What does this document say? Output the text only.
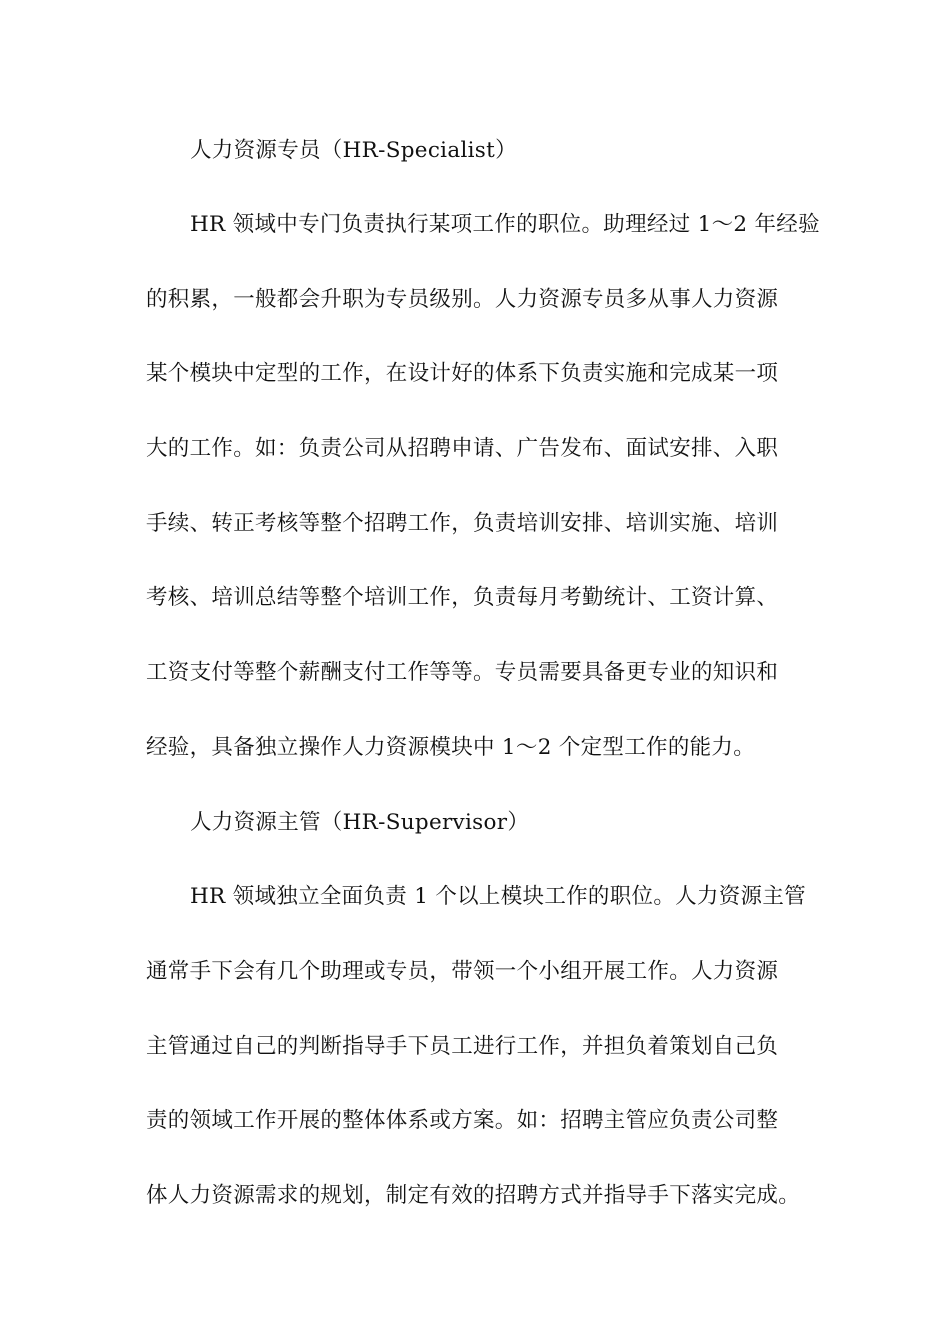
人力资源专员（HR-Specialist）
HR 领域中专门负责执行某项工作的职位。助理经过 1～2 年经验
的积累，一般都会升职为专员级别。人力资源专员多从事人力资源
某个模块中定型的工作，在设计好的体系下负责实施和完成某一项
大的工作。如：负责公司从招聘申请、广告发布、面试安排、入职
手续、转正考核等整个招聘工作，负责培训安排、培训实施、培训
考核、培训总结等整个培训工作，负责每月考勤统计、工资计算、
工资支付等整个薪酬支付工作等等。专员需要具备更专业的知识和
经验，具备独立操作人力资源模块中 1～2 个定型工作的能力。
人力资源主管（HR-Supervisor）
HR 领域独立全面负责 1 个以上模块工作的职位。人力资源主管
通常手下会有几个助理或专员，带领一个小组开展工作。人力资源
主管通过自己的判断指导手下员工进行工作，并担负着策划自己负
责的领域工作开展的整体体系或方案。如：招聘主管应负责公司整
体人力资源需求的规划，制定有效的招聘方式并指导手下落实完成。
